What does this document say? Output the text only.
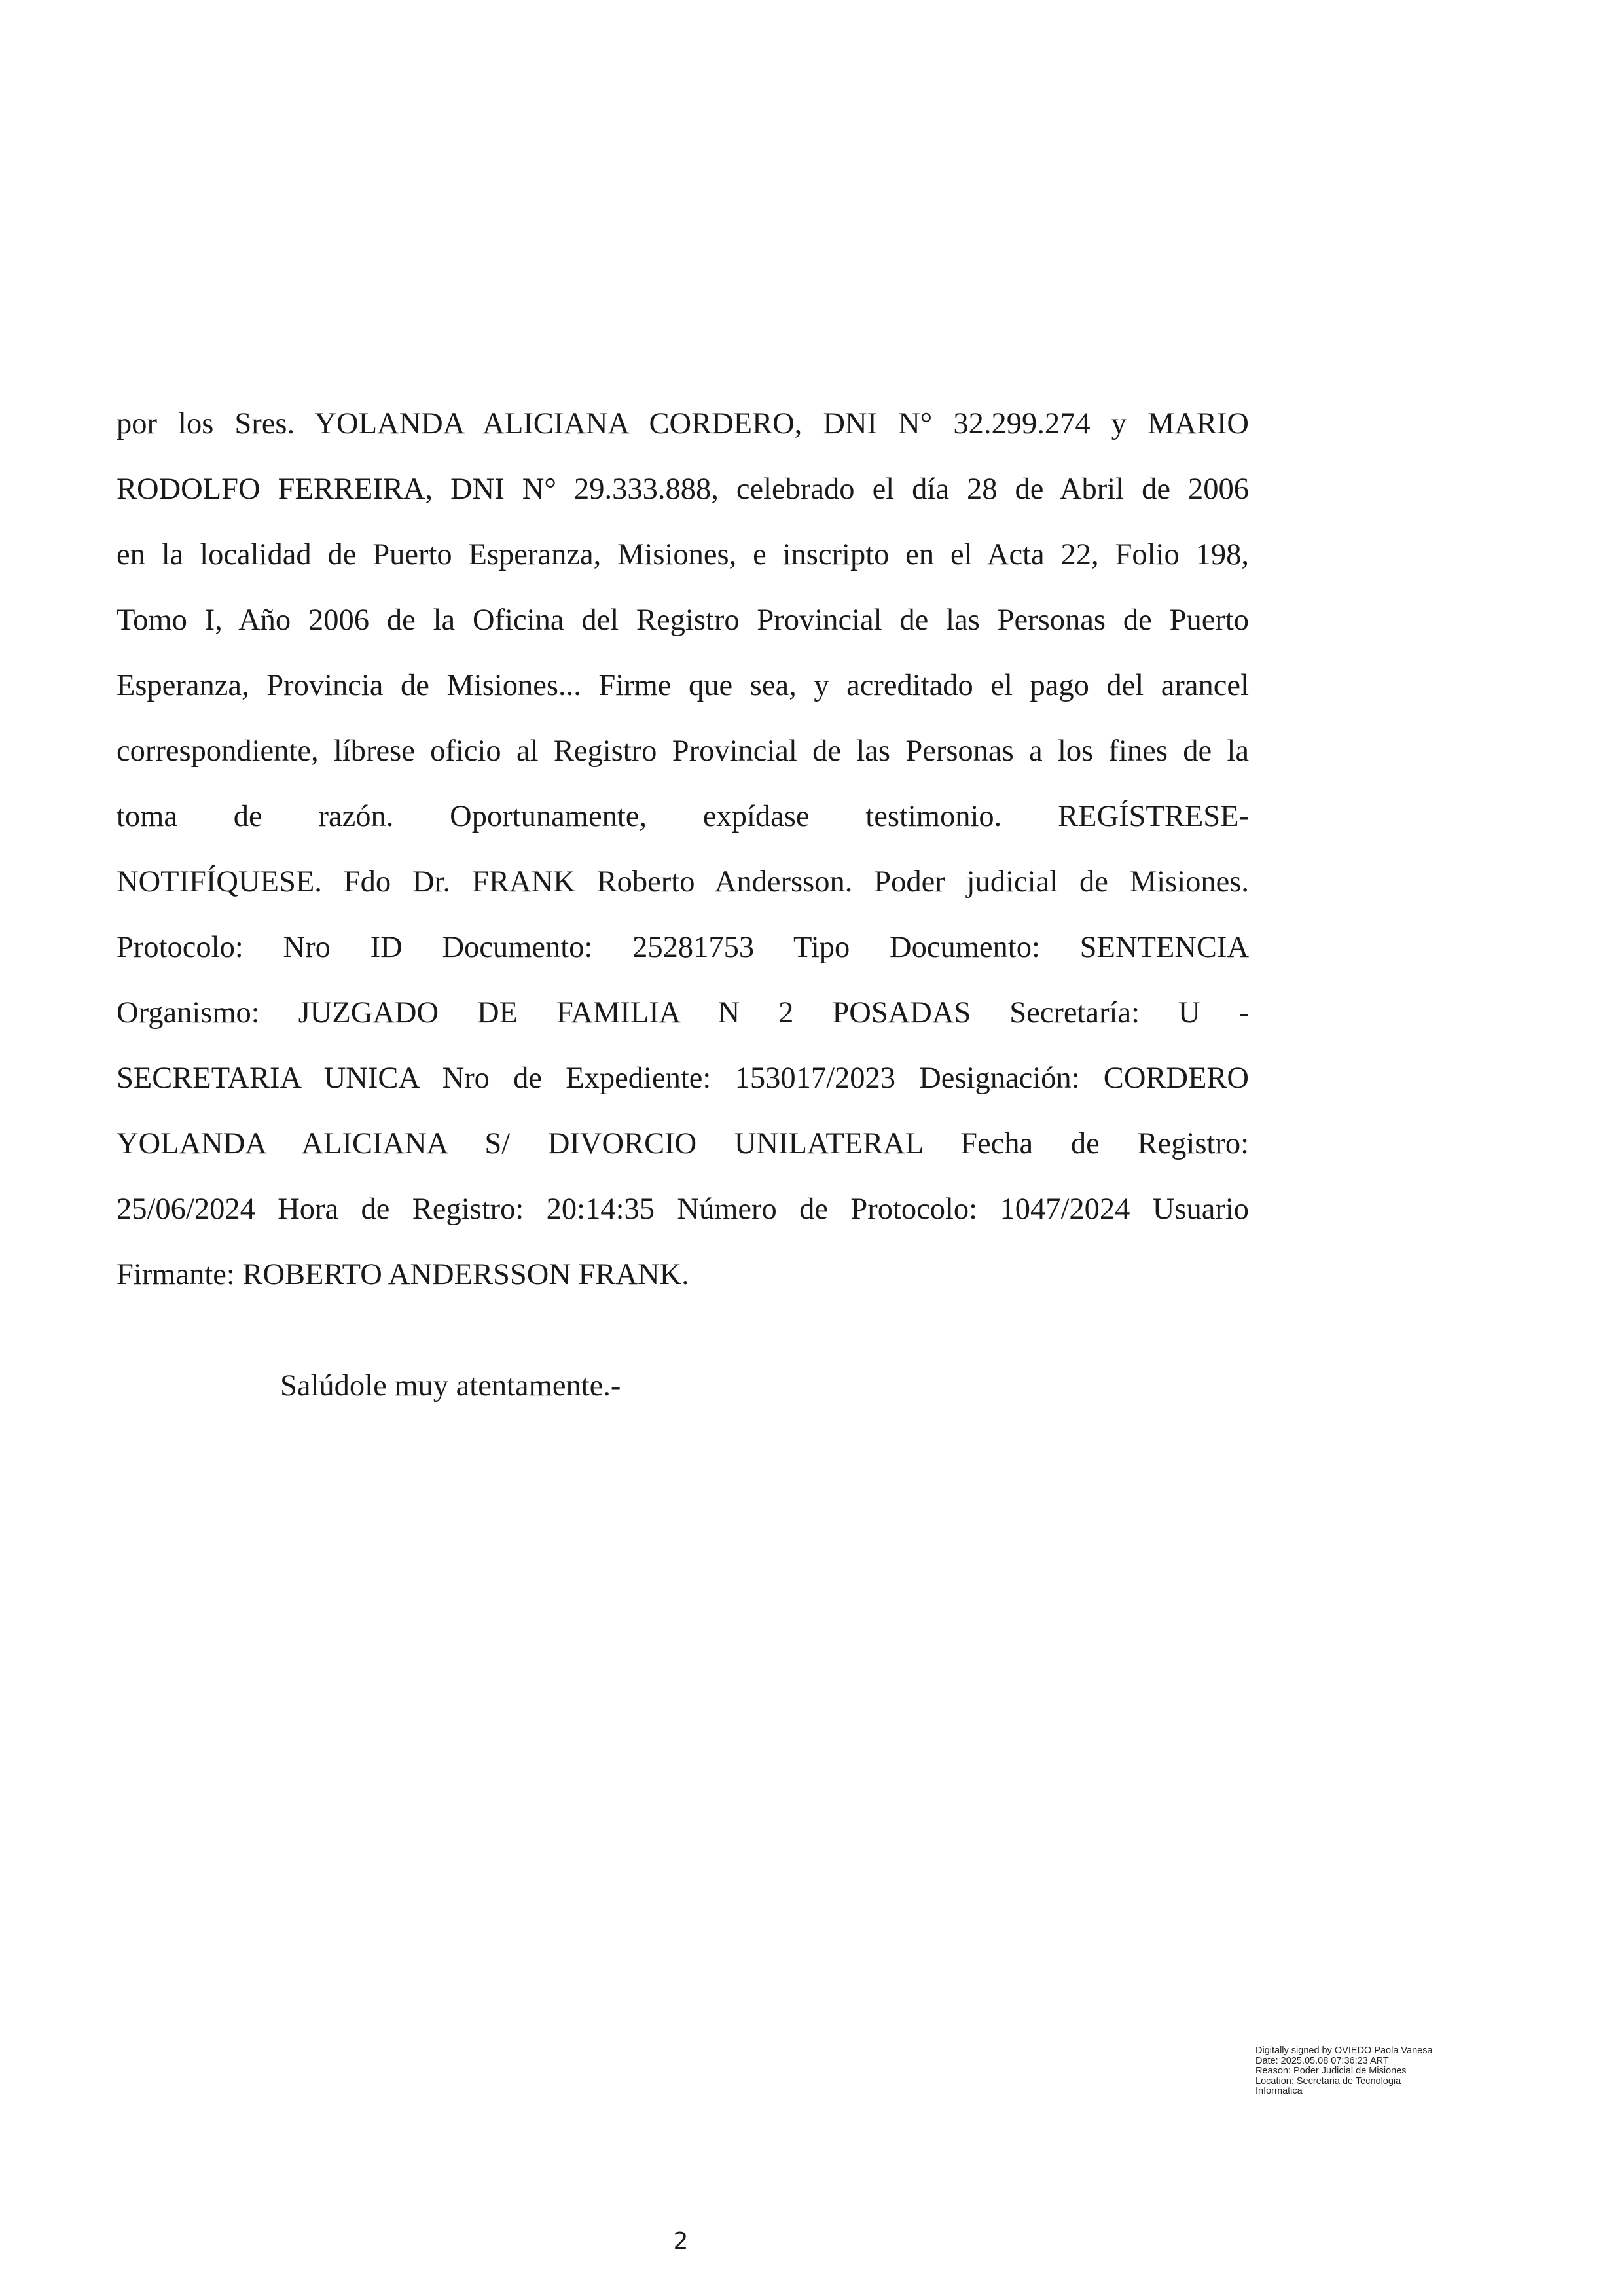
por los Sres. YOLANDA ALICIANA CORDERO, DNI N° 32.299.274 y MARIO
RODOLFO FERREIRA, DNI N° 29.333.888, celebrado el día 28 de Abril de 2006
en la localidad de Puerto Esperanza, Misiones, e inscripto en el Acta 22, Folio 198,
Tomo I, Año 2006 de la Oficina del Registro Provincial de las Personas de Puerto
Esperanza, Provincia de Misiones... Firme que sea, y acreditado el pago del arancel
correspondiente, líbrese oficio al Registro Provincial de las Personas a los fines de la
toma de razón. Oportunamente, expídase testimonio. REGÍSTRESE-
NOTIFÍQUESE. Fdo Dr. FRANK Roberto Andersson. Poder judicial de Misiones.
Protocolo: Nro ID Documento: 25281753 Tipo Documento: SENTENCIA
Organismo: JUZGADO DE FAMILIA N 2 POSADAS Secretaría: U -
SECRETARIA UNICA Nro de Expediente: 153017/2023 Designación: CORDERO
YOLANDA ALICIANA S/ DIVORCIO UNILATERAL Fecha de Registro:
25/06/2024 Hora de Registro: 20:14:35 Número de Protocolo: 1047/2024 Usuario
Firmante: ROBERTO ANDERSSON FRANK.
Salúdole muy atentamente.-
Digitally signed by OVIEDO Paola Vanesa
Date: 2025.05.08 07:36:23 ART
Reason: Poder Judicial de Misiones
Location: Secretaria de Tecnologia
Informatica
2
